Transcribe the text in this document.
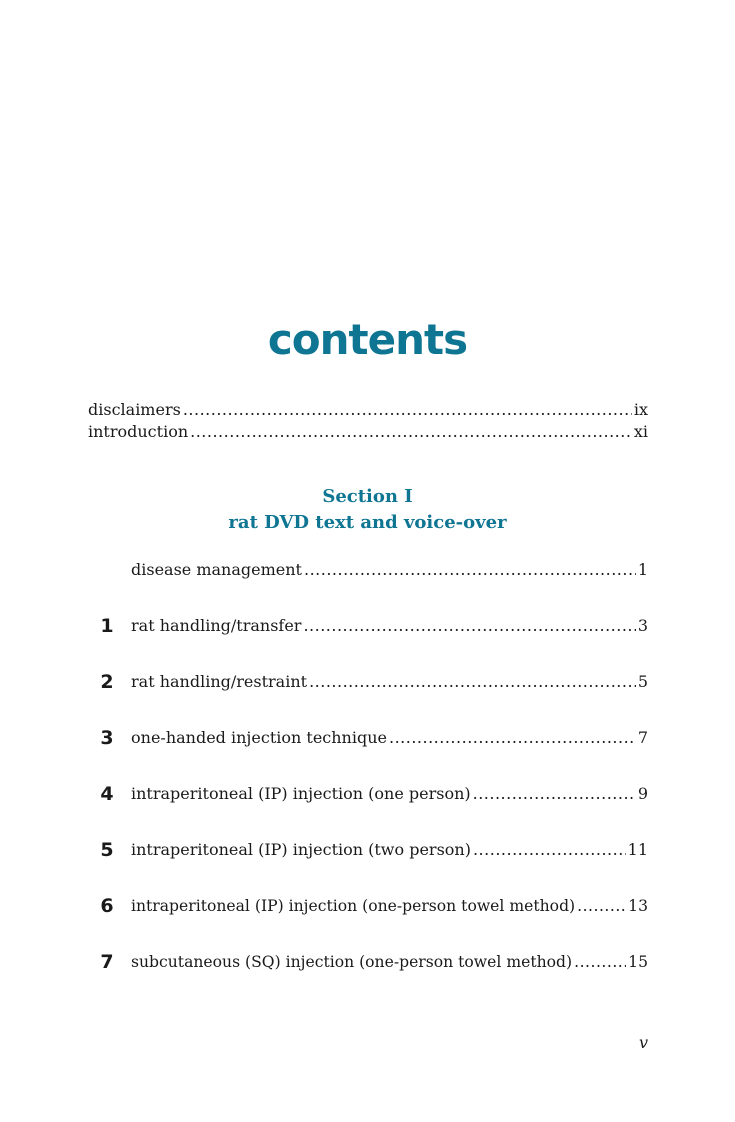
contents
disclaimers .....	ix
introduction .....	xi
Section I
rat DVD text and voice-over
disease management .....	1
1 rat handling/transfer .....	3
2 rat handling/restraint .....	5
3 one-handed injection technique .....	7
4 intraperitoneal (IP) injection (one person) .....	9
5 intraperitoneal (IP) injection (two person) .....	11
6 intraperitoneal (IP) injection (one-person towel method) .....	13
7 subcutaneous (SQ) injection (one-person towel method) .....	15
v
